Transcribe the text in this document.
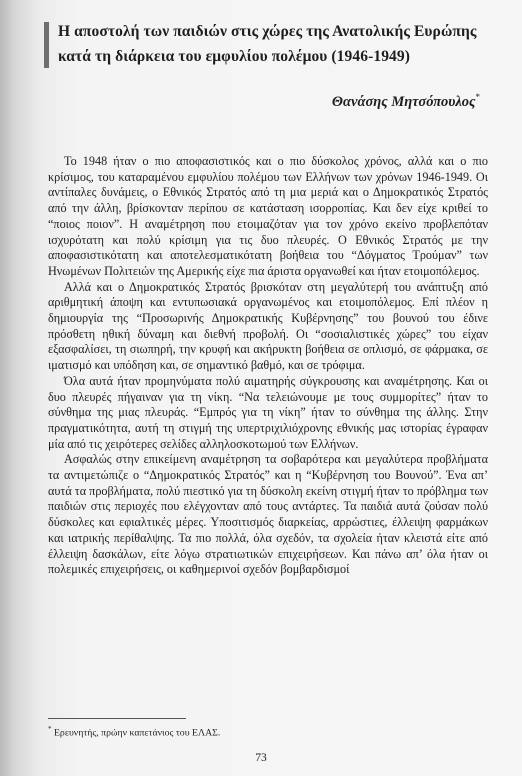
Η αποστολή των παιδιών στις χώρες της Ανατολικής Ευρώπης
κατά τη διάρκεια του εμφυλίου πολέμου (1946-1949)
Θανάσης Μητσόπουλος*

Το 1948 ήταν ο πιο αποφασιστικός και ο πιο δύσκολος χρόνος, αλλά και ο πιο κρίσιμος, του καταραμένου εμφυλίου πολέμου των Ελλήνων των χρόνων 1946-1949. Οι αντίπαλες δυνάμεις, ο Εθνικός Στρατός από τη μια μεριά και ο Δημοκρατικός Στρατός από την άλλη, βρίσκονταν περίπου σε κατάσταση ισορροπίας. Και δεν είχε κριθεί το “ποιος ποιον”. Η αναμέτρηση που ετοιμαζόταν για τον χρόνο εκείνο προβλεπόταν ισχυρότατη και πολύ κρίσιμη για τις δυο πλευρές. Ο Εθνικός Στρατός με την αποφασιστικότατη και αποτελεσματικότατη βοήθεια του “Δόγματος Τρούμαν” των Ηνωμένων Πολιτειών της Αμερικής είχε πια άριστα οργανωθεί και ήταν ετοιμοπόλεμος.

Αλλά και ο Δημοκρατικός Στρατός βρισκόταν στη μεγαλύτερή του ανάπτυξη από αριθμητική άποψη και εντυπωσιακά οργανωμένος και ετοιμοπόλεμος. Επί πλέον η δημιουργία της “Προσωρινής Δημοκρατικής Κυβέρνησης” του βουνού του έδινε πρόσθετη ηθική δύναμη και διεθνή προβολή. Οι “σοσιαλιστικές χώρες” του είχαν εξασφαλίσει, τη σιωπηρή, την κρυφή και ακήρυκτη βοήθεια σε οπλισμό, σε φάρμακα, σε ιματισμό και υπόδηση και, σε σημαντικό βαθμό, και σε τρόφιμα.

Όλα αυτά ήταν προμηνύματα πολύ αιματηρής σύγκρουσης και αναμέτρησης. Και οι δυο πλευρές πήγαιναν για τη νίκη. “Να τελειώνουμε με τους συμμορίτες” ήταν το σύνθημα της μιας πλευράς. “Εμπρός για τη νίκη” ήταν το σύνθημα της άλλης. Στην πραγματικότητα, αυτή τη στιγμή της υπερτριχιλιόχρονης εθνικής μας ιστορίας έγραφαν μία από τις χειρότερες σελίδες αλληλοσκοτωμού των Ελλήνων.

Ασφαλώς στην επικείμενη αναμέτρηση τα σοβαρότερα και μεγαλύτερα προβλήματα τα αντιμετώπιζε ο “Δημοκρατικός Στρατός” και η “Κυβέρνηση του Βουνού”. Ένα απ’ αυτά τα προβλήματα, πολύ πιεστικό για τη δύσκολη εκείνη στιγμή ήταν το πρόβλημα των παιδιών στις περιοχές που ελέγχονταν από τους αντάρτες. Τα παιδιά αυτά ζούσαν πολύ δύσκολες και εφιαλτικές μέρες. Υποσιτισμός διαρκείας, αρρώστιες, έλλειψη φαρμάκων και ιατρικής περίθαλψης. Τα πιο πολλά, όλα σχεδόν, τα σχολεία ήταν κλειστά είτε από έλλειψη δασκάλων, είτε λόγω στρατιωτικών επιχειρήσεων. Και πάνω απ’ όλα ήταν οι πολεμικές επιχειρήσεις, οι καθημερινοί σχεδόν βομβαρδισμοί

* Ερευνητής, πρώην καπετάνιος του ΕΛΑΣ.
73
